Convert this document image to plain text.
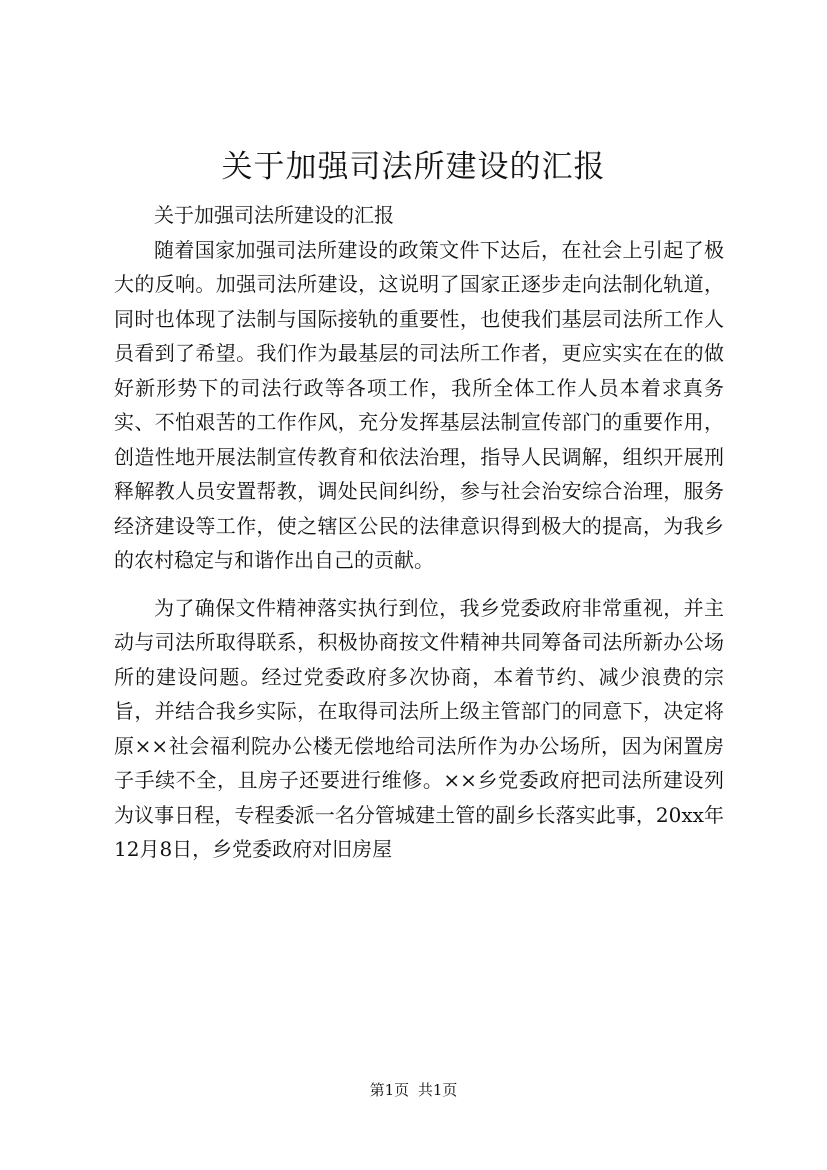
关于加强司法所建设的汇报

关于加强司法所建设的汇报

随着国家加强司法所建设的政策文件下达后，在社会上引起了极大的反响。加强司法所建设，这说明了国家正逐步走向法制化轨道，同时也体现了法制与国际接轨的重要性，也使我们基层司法所工作人员看到了希望。我们作为最基层的司法所工作者，更应实实在在的做好新形势下的司法行政等各项工作，我所全体工作人员本着求真务实、不怕艰苦的工作作风，充分发挥基层法制宣传部门的重要作用，创造性地开展法制宣传教育和依法治理，指导人民调解，组织开展刑释解教人员安置帮教，调处民间纠纷，参与社会治安综合治理，服务经济建设等工作，使之辖区公民的法律意识得到极大的提高，为我乡的农村稳定与和谐作出自己的贡献。

为了确保文件精神落实执行到位，我乡党委政府非常重视，并主动与司法所取得联系，积极协商按文件精神共同筹备司法所新办公场所的建设问题。经过党委政府多次协商，本着节约、减少浪费的宗旨，并结合我乡实际，在取得司法所上级主管部门的同意下，决定将原××社会福利院办公楼无偿地给司法所作为办公场所，因为闲置房子手续不全，且房子还要进行维修。××乡党委政府把司法所建设列为议事日程，专程委派一名分管城建土管的副乡长落实此事，20xx年12月8日，乡党委政府对旧房屋

第1页 共1页
